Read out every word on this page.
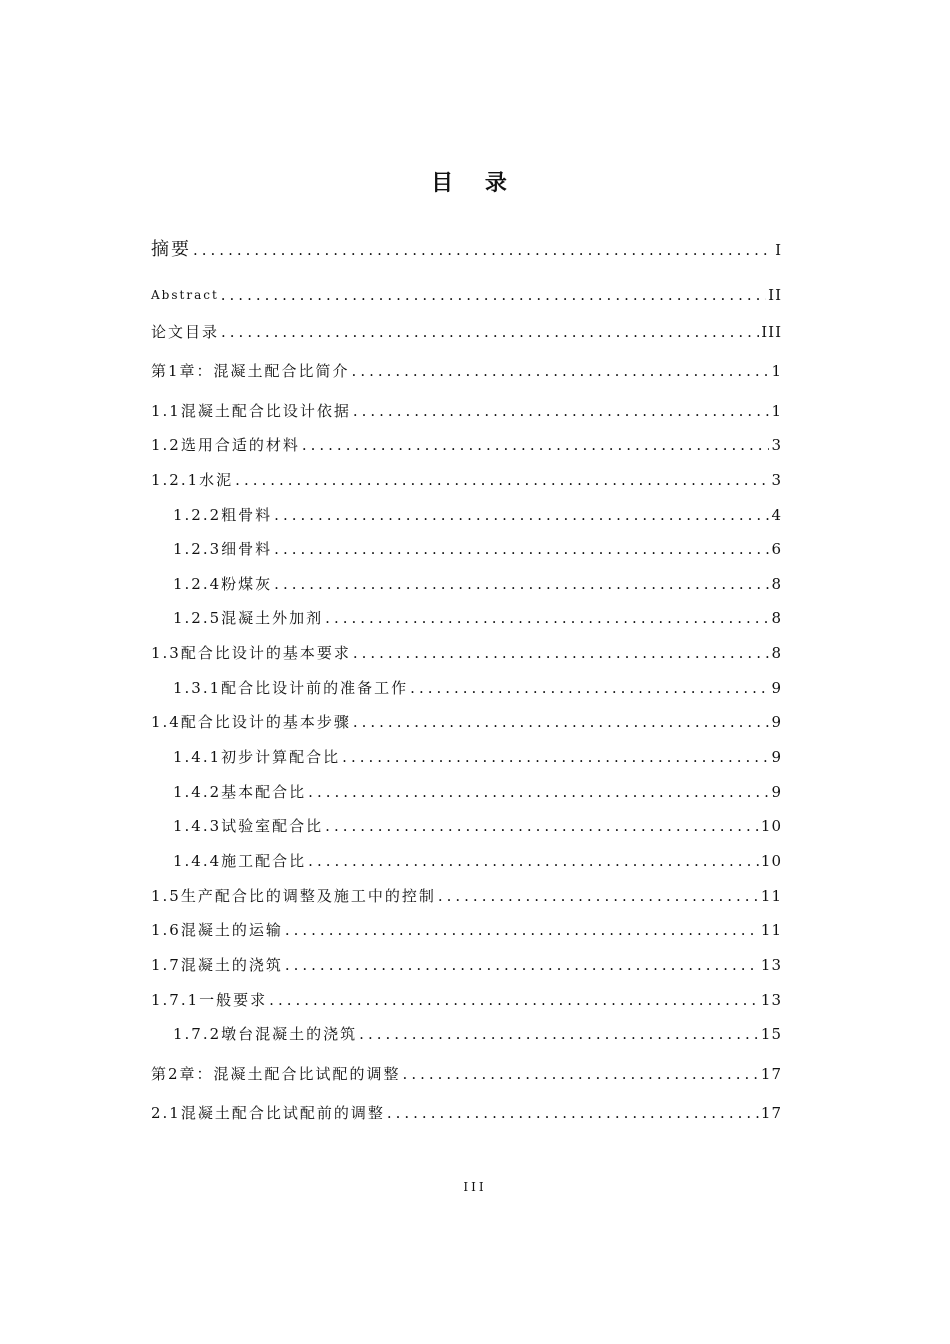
目 录
摘要 .....	I
Abstract .....	II
论文目录 .....	III
第1章：混凝土配合比简介 .....	1
1.1混凝土配合比设计依据 .....	1
1.2选用合适的材料 .....	3
1.2.1水泥 .....	3
1.2.2粗骨料 .....	4
1.2.3细骨料 .....	6
1.2.4粉煤灰 .....	8
1.2.5混凝土外加剂 .....	8
1.3配合比设计的基本要求 .....	8
1.3.1配合比设计前的准备工作 .....	9
1.4配合比设计的基本步骤 .....	9
1.4.1初步计算配合比 .....	9
1.4.2基本配合比 .....	9
1.4.3试验室配合比 .....	10
1.4.4施工配合比 .....	10
1.5生产配合比的调整及施工中的控制 .....	11
1.6混凝土的运输 .....	11
1.7混凝土的浇筑 .....	13
1.7.1一般要求 .....	13
1.7.2墩台混凝土的浇筑 .....	15
第2章：混凝土配合比试配的调整 .....	17
2.1混凝土配合比试配前的调整 .....	17
III
